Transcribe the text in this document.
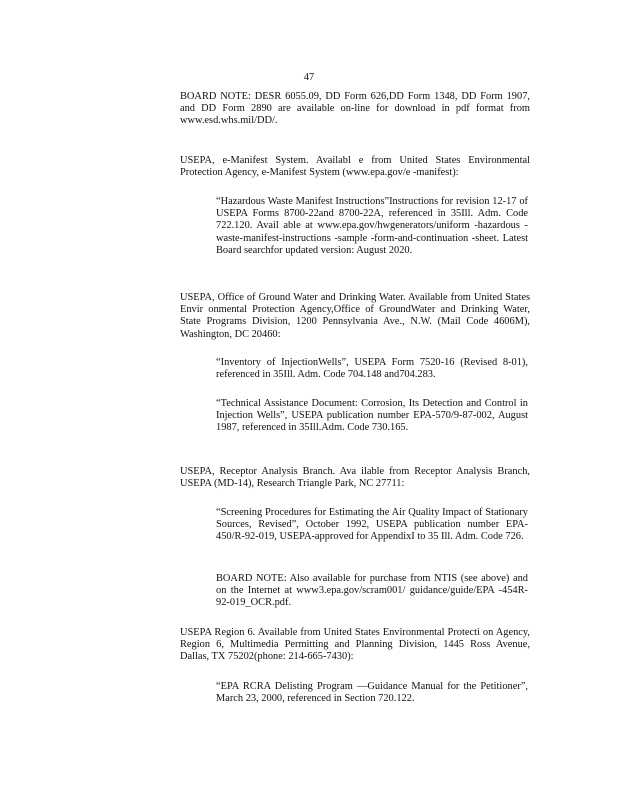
47

BOARD NOTE: DESR 6055.09, DD Form 626,DD Form 1348, DD Form 1907, and DD Form 2890 are available on-line for download in pdf format from www.esd.whs.mil/DD/.

USEPA, e-Manifest System. Availabl e from United States Environmental Protection Agency, e-Manifest System (www.epa.gov/e -manifest):

“Hazardous Waste Manifest Instructions”Instructions for revision 12-17 of USEPA Forms 8700-22and 8700-22A, referenced in 35Ill. Adm. Code 722.120. Avail able at www.epa.gov/hwgenerators/uniform -hazardous -waste-manifest-instructions -sample -form-and-continuation -sheet. Latest Board searchfor updated version: August 2020.

USEPA, Office of Ground Water and Drinking Water. Available from United States Envir onmental Protection Agency,Office of GroundWater and Drinking Water, State Programs Division, 1200 Pennsylvania Ave., N.W. (Mail Code 4606M), Washington, DC 20460:

“Inventory of InjectionWells”, USEPA Form 7520-16 (Revised 8-01), referenced in 35Ill. Adm. Code 704.148 and704.283.

“Technical Assistance Document: Corrosion, Its Detection and Control in Injection Wells”, USEPA publication number EPA-570/9-87-002, August 1987, referenced in 35Ill.Adm. Code 730.165.

USEPA, Receptor Analysis Branch. Ava ilable from Receptor Analysis Branch, USEPA (MD-14), Research Triangle Park, NC 27711:

“Screening Procedures for Estimating the Air Quality Impact of Stationary Sources, Revised”, October 1992, USEPA publication number EPA-450/R-92-019, USEPA-approved for AppendixI to 35 Ill. Adm. Code 726.

BOARD NOTE: Also available for purchase from NTIS (see above) and on the Internet at www3.epa.gov/scram001/ guidance/guide/EPA -454R-92-019_OCR.pdf.

USEPA Region 6. Available from United States Environmental Protecti on Agency, Region 6, Multimedia Permitting and Planning Division, 1445 Ross Avenue, Dallas, TX 75202(phone: 214-665-7430):

“EPA RCRA Delisting Program —Guidance Manual for the Petitioner”, March 23, 2000, referenced in Section 720.122.
